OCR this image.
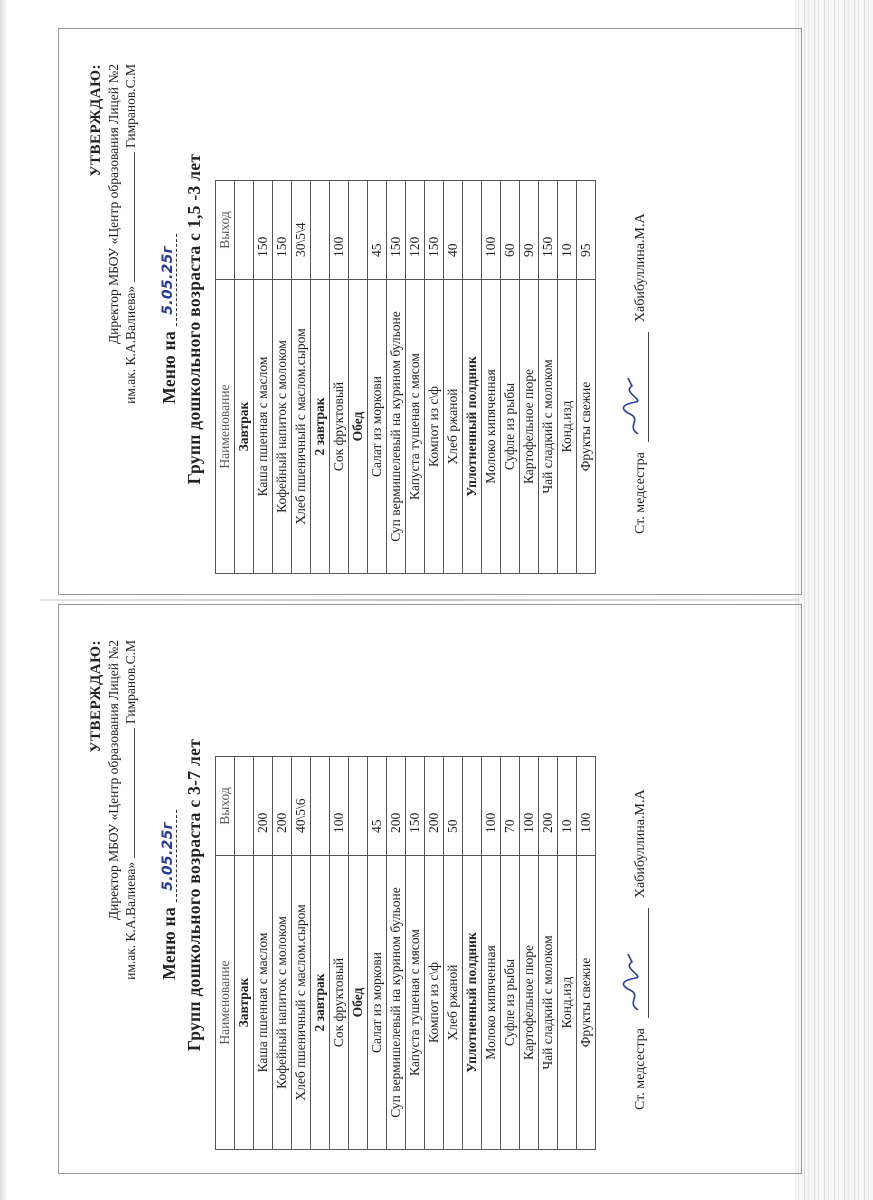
УТВЕРЖДАЮ: Директор МБОУ «Центр образования Лицей №2
им.ак. К.А.Валиева»Гимранов.С.М
Меню на 5.05.25г Групп дошкольного возраста с 3-7 лет Наименование	Выход
Завтрак	
Каша пшенная с маслом	200
Кофейный напиток с молоком	200
Хлеб пшеничный с маслом.сыром	40\5\6
2 завтрак	
Сок фруктовый	100
Обед	
Салат из моркови	45
Суп вермишелевый на курином бульоне	200
Капуста тушеная с мясом	150
Компот из с\ф	200
Хлеб ржаной	50
Уплотненный полдник	
Молоко кипяченная	100
Суфле из рыбы	70
Картофельное пюре	100
Чай сладкий с молоком	200
Конд.изд	10
Фрукты свежие	100
Ст. медсестра
Хабибуллина.М.А
УТВЕРЖДАЮ: Директор МБОУ «Центр образования Лицей №2
им.ак. К.А.Валиева»Гимранов.С.М
Меню на 5.05.25г Групп дошкольного возраста с 1,5 -3 лет Наименование	Выход
Завтрак	
Каша пшенная с маслом	150
Кофейный напиток с молоком	150
Хлеб пшеничный с маслом.сыром	30\5\4
2 завтрак	
Сок фруктовый	100
Обед	
Салат из моркови	45
Суп вермишелевый на курином бульоне	150
Капуста тушеная с мясом	120
Компот из с\ф	150
Хлеб ржаной	40
Уплотненный полдник	
Молоко кипяченная	100
Суфле из рыбы	60
Картофельное пюре	90
Чай сладкий с молоком	150
Конд.изд	10
Фрукты свежие	95
Ст. медсестра
Хабибуллина.М.А
